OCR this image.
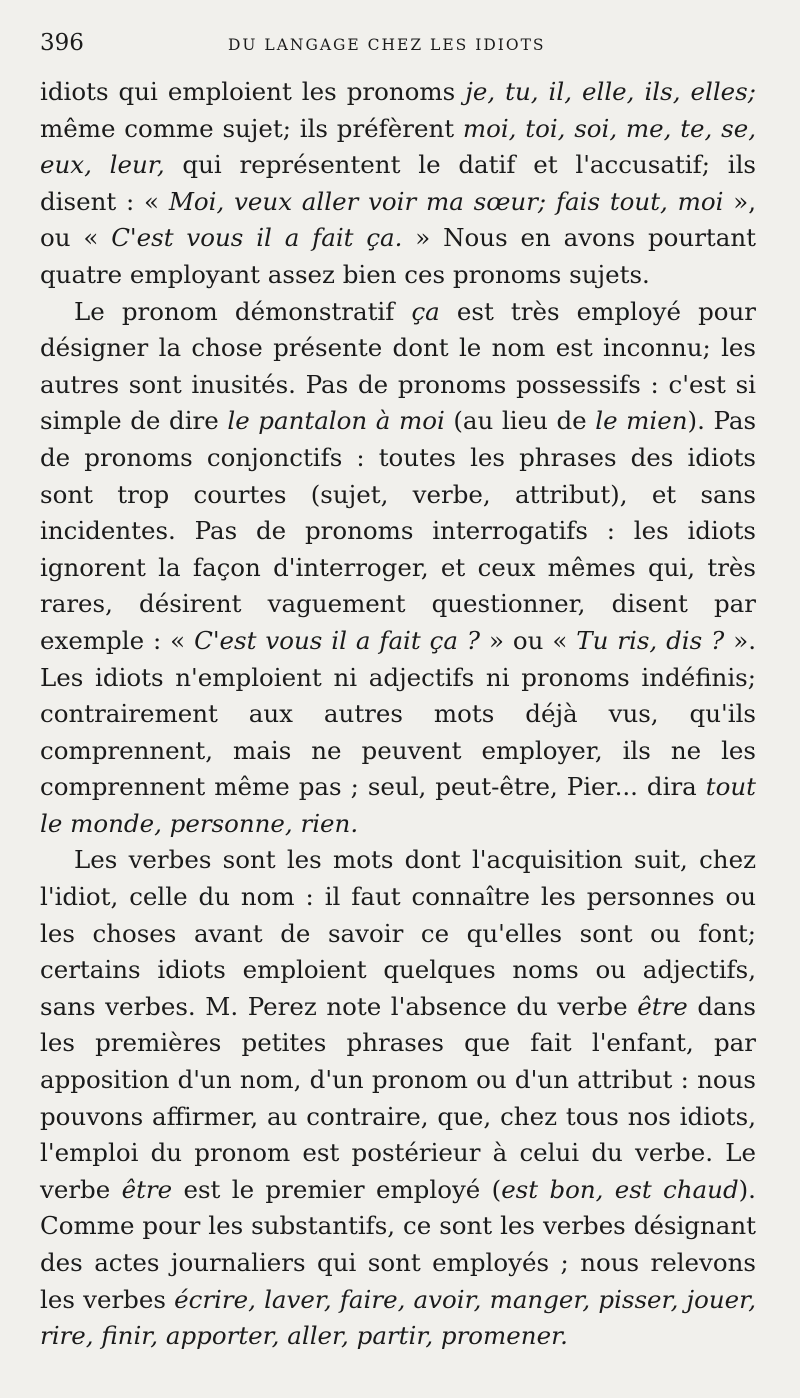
396	DU LANGAGE CHEZ LES IDIOTS

idiots qui emploient les pronoms je, tu, il, elle, ils, elles; même comme sujet; ils préfèrent moi, toi, soi, me, te, se, eux, leur, qui représentent le datif et l'accusatif; ils disent : « Moi, veux aller voir ma sœur; fais tout, moi », ou « C'est vous il a fait ça. » Nous en avons pourtant quatre employant assez bien ces pronoms sujets.

Le pronom démonstratif ça est très employé pour désigner la chose présente dont le nom est inconnu; les autres sont inusités. Pas de pronoms possessifs : c'est si simple de dire le pantalon à moi (au lieu de le mien). Pas de pronoms conjonctifs : toutes les phrases des idiots sont trop courtes (sujet, verbe, attribut), et sans incidentes. Pas de pronoms interrogatifs : les idiots ignorent la façon d'interroger, et ceux mêmes qui, très rares, désirent vaguement questionner, disent par exemple : « C'est vous il a fait ça ? » ou « Tu ris, dis ? ». Les idiots n'emploient ni adjectifs ni pronoms indéfinis; contrairement aux autres mots déjà vus, qu'ils comprennent, mais ne peuvent employer, ils ne les comprennent même pas ; seul, peut-être, Pier... dira tout le monde, personne, rien.

Les verbes sont les mots dont l'acquisition suit, chez l'idiot, celle du nom : il faut connaître les personnes ou les choses avant de savoir ce qu'elles sont ou font; certains idiots emploient quelques noms ou adjectifs, sans verbes. M. Perez note l'absence du verbe être dans les premières petites phrases que fait l'enfant, par apposition d'un nom, d'un pronom ou d'un attribut : nous pouvons affirmer, au contraire, que, chez tous nos idiots, l'emploi du pronom est postérieur à celui du verbe. Le verbe être est le premier employé (est bon, est chaud). Comme pour les substantifs, ce sont les verbes désignant des actes journaliers qui sont employés ; nous relevons les verbes écrire, laver, faire, avoir, manger, pisser, jouer, rire, finir, apporter, aller, partir, promener.
